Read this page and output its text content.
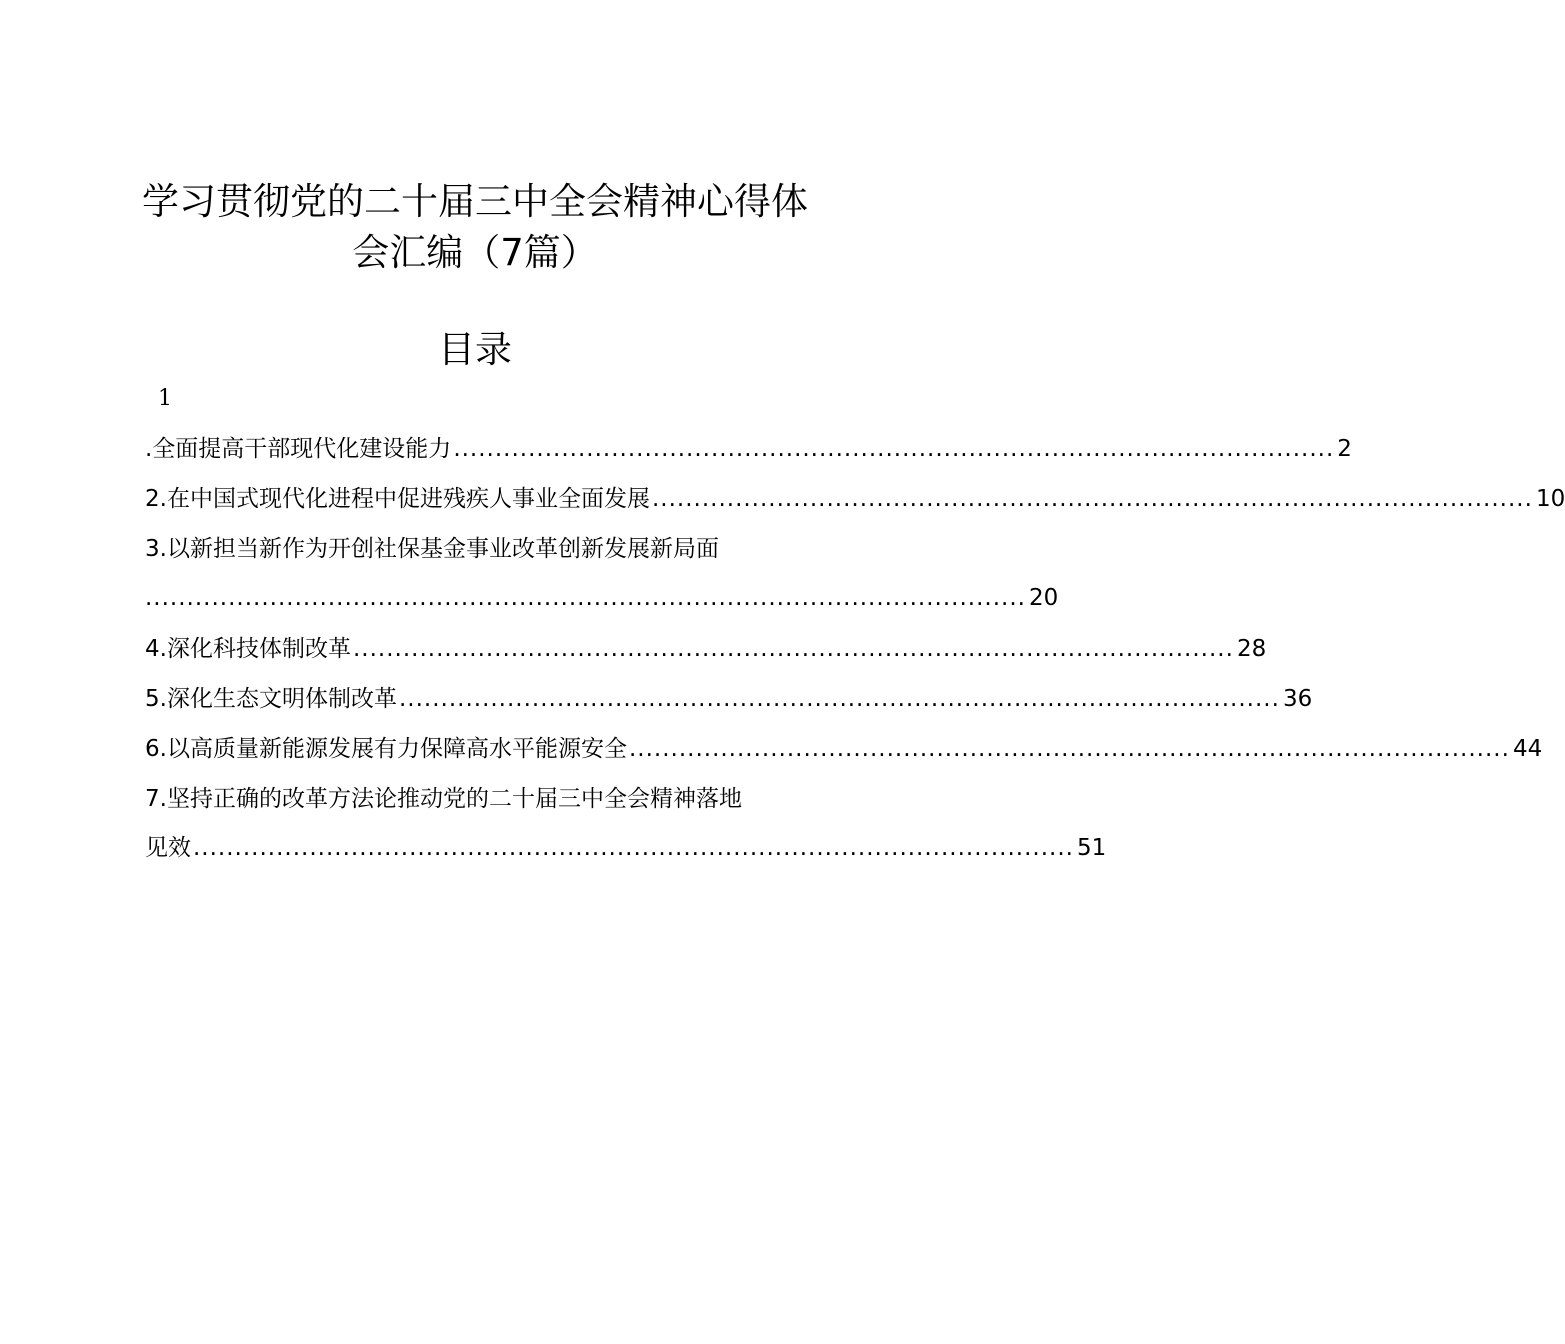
学习贯彻党的二十届三中全会精神心得体
会汇编（7篇）
目录
1
.全面提高干部现代化建设能力 .......................................................................................................... 2
2.在中国式现代化进程中促进残疾人事业全面发展 .......................................................................................................... 10
3.以新担当新作为开创社保基金事业改革创新发展新局面
.......................................................................................................... 20
4.深化科技体制改革 .......................................................................................................... 28
5.深化生态文明体制改革 .......................................................................................................... 36
6.以高质量新能源发展有力保障高水平能源安全 .......................................................................................................... 44
7.坚持正确的改革方法论推动党的二十届三中全会精神落地
见效 .......................................................................................................... 51
